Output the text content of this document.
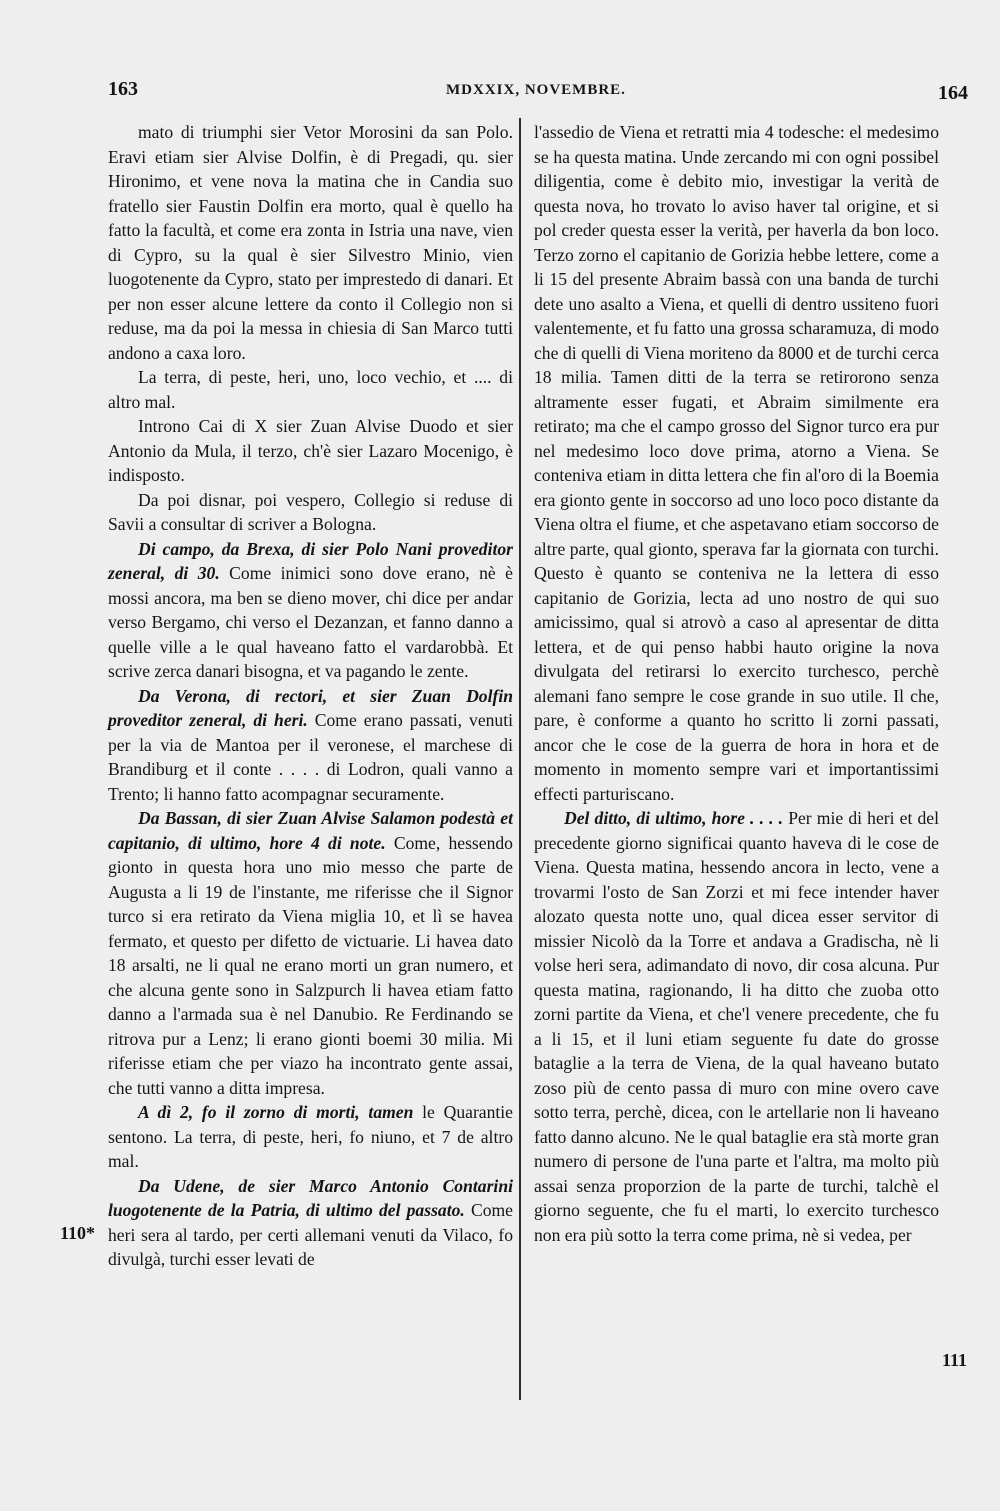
163	MDXXIX, NOVEMBRE.	164

mato di triumphi sier Vetor Morosini da san Polo. Eravi etiam sier Alvise Dolfin, è di Pregadi, qu. sier Hironimo, et vene nova la matina che in Candia suo fratello sier Faustin Dolfin era morto, qual è quello ha fatto la facultà, et come era zonta in Istria una nave, vien di Cypro, su la qual è sier Silvestro Minio, vien luogotenente da Cypro, stato per imprestedo di danari. Et per non esser alcune lettere da conto il Collegio non si reduse, ma da poi la messa in chiesia di San Marco tutti andono a caxa loro.

La terra, di peste, heri, uno, loco vechio, et .... di altro mal.

Introno Cai di X sier Zuan Alvise Duodo et sier Antonio da Mula, il terzo, ch'è sier Lazaro Mocenigo, è indisposto.

Da poi disnar, poi vespero, Collegio si reduse di Savii a consultar di scriver a Bologna.

Di campo, da Brexa, di sier Polo Nani proveditor zeneral, di 30. Come inimici sono dove erano, nè è mossi ancora, ma ben se dieno mover, chi dice per andar verso Bergamo, chi verso el Dezanzan, et fanno danno a quelle ville a le qual haveano fatto el vardarobbà. Et scrive zerca danari bisogna, et va pagando le zente.

Da Verona, di rectori, et sier Zuan Dolfin proveditor zeneral, di heri. Come erano passati, venuti per la via de Mantoa per il veronese, el marchese di Brandiburg et il conte . . . . di Lodron, quali vanno a Trento; li hanno fatto acompagnar securamente.

Da Bassan, di sier Zuan Alvise Salamon podestà et capitanio, di ultimo, hore 4 di note. Come, hessendo gionto in questa hora uno mio messo che parte de Augusta a li 19 de l'instante, me riferisse che il Signor turco si era retirato da Viena miglia 10, et lì se havea fermato, et questo per difetto de victuarie. Li havea dato 18 arsalti, ne li qual ne erano morti un gran numero, et che alcuna gente sono in Salzpurch li havea etiam fatto danno a l'armada sua è nel Danubio. Re Ferdinando se ritrova pur a Lenz; li erano gionti boemi 30 milia. Mi riferisse etiam che per viazo ha incontrato gente assai, che tutti vanno a ditta impresa.

A dì 2, fo il zorno di morti, tamen le Quarantie sentono. La terra, di peste, heri, fo niuno, et 7 de altro mal.

Da Udene, de sier Marco Antonio Contarini luogotenente de la Patria, di ultimo del passato. Come heri sera al tardo, per certi allemani venuti da Vilaco, fo divulgà, turchi esser levati de

l'assedio de Viena et retratti mia 4 todesche: el medesimo se ha questa matina. Unde zercando mi con ogni possibel diligentia, come è debito mio, investigar la verità de questa nova, ho trovato lo aviso haver tal origine, et si pol creder questa esser la verità, per haverla da bon loco. Terzo zorno el capitanio de Gorizia hebbe lettere, come a li 15 del presente Abraim bassà con una banda de turchi dete uno asalto a Viena, et quelli di dentro ussiteno fuori valentemente, et fu fatto una grossa scharamuza, di modo che di quelli di Viena moriteno da 8000 et de turchi cerca 18 milia. Tamen ditti de la terra se retirorono senza altramente esser fugati, et Abraim similmente era retirato; ma che el campo grosso del Signor turco era pur nel medesimo loco dove prima, atorno a Viena. Se conteniva etiam in ditta lettera che fin al'oro di la Boemia era gionto gente in soccorso ad uno loco poco distante da Viena oltra el fiume, et che aspetavano etiam soccorso de altre parte, qual gionto, sperava far la giornata con turchi. Questo è quanto se conteniva ne la lettera di esso capitanio de Gorizia, lecta ad uno nostro de qui suo amicissimo, qual si atrovò a caso al apresentar de ditta lettera, et de qui penso habbi hauto origine la nova divulgata del retirarsi lo exercito turchesco, perchè alemani fano sempre le cose grande in suo utile. Il che, pare, è conforme a quanto ho scritto li zorni passati, ancor che le cose de la guerra de hora in hora et de momento in momento sempre vari et importantissimi effecti parturiscano.

Del ditto, di ultimo, hore . . . . Per mie di heri et del precedente giorno significai quanto haveva di le cose de Viena. Questa matina, hessendo ancora in lecto, vene a trovarmi l'osto de San Zorzi et mi fece intender haver alozato questa notte uno, qual dicea esser servitor di missier Nicolò da la Torre et andava a Gradischa, nè li volse heri sera, adimandato di novo, dir cosa alcuna. Pur questa matina, ragionando, li ha ditto che zuoba otto zorni partite da Viena, et che'l venere precedente, che fu a li 15, et il luni etiam seguente fu date do grosse bataglie a la terra de Viena, de la qual haveano butato zoso più de cento passa di muro con mine overo cave sotto terra, perchè, dicea, con le artellarie non li haveano fatto danno alcuno. Ne le qual bataglie era stà morte gran numero di persone de l'una parte et l'altra, ma molto più assai senza proporzion de la parte de turchi, talchè el giorno seguente, che fu el marti, lo exercito turchesco non era più sotto la terra come prima, nè si vedea, per

110*
111
